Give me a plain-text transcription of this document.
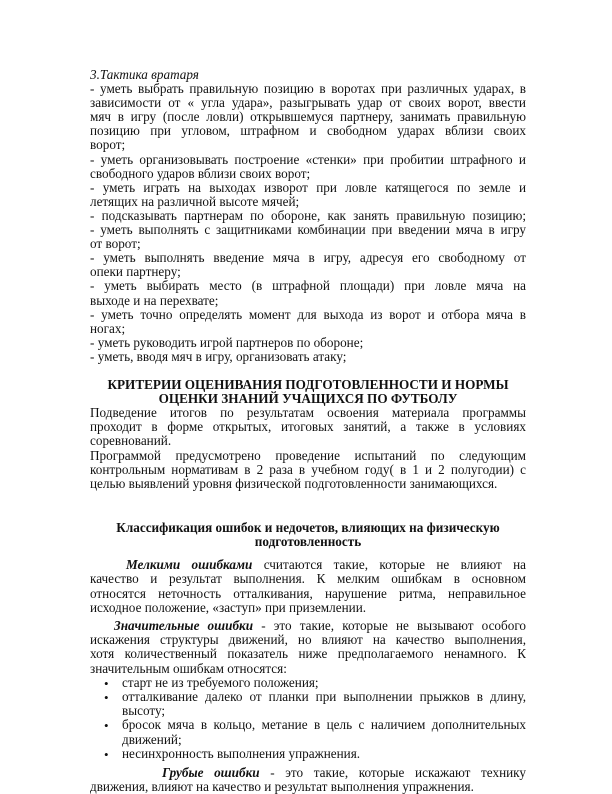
3.Тактика вратаря
- уметь выбрать правильную позицию в воротах при различных ударах, в
зависимости от « угла удара», разыгрывать удар от своих ворот, ввести
мяч в игру (после ловли) открывшемуся партнеру, занимать правильную
позицию при угловом, штрафном и свободном ударах вблизи своих
ворот;
- уметь организовывать построение «стенки» при пробитии штрафного и
свободного ударов вблизи своих ворот;
- уметь играть на выходах изворот при ловле катящегося по земле и
летящих на различной высоте мячей;
- подсказывать партнерам по обороне, как занять правильную позицию;
- уметь выполнять с защитниками комбинации при введении мяча в игру
от ворот;
- уметь выполнять введение мяча в игру, адресуя его свободному от
опеки партнеру;
- уметь выбирать место (в штрафной площади) при ловле мяча на
выходе и на перехвате;
- уметь точно определять момент для выхода из ворот и отбора мяча в
ногах;
- уметь руководить игрой партнеров по обороне;
- уметь, вводя мяч в игру, организовать атаку;
КРИТЕРИИ ОЦЕНИВАНИЯ ПОДГОТОВЛЕННОСТИ И НОРМЫ
ОЦЕНКИ ЗНАНИЙ УЧАЩИХСЯ ПО ФУТБОЛУ
Подведение итогов по результатам освоения материала программы
проходит в форме открытых, итоговых занятий, а также в условиях
соревнований.
Программой предусмотрено проведение испытаний по следующим
контрольным нормативам в 2 раза в учебном году( в 1 и 2 полугодии) с
целью выявлений уровня физической подготовленности занимающихся.
Классификация ошибок и недочетов, влияющих на физическую
подготовленность
Мелкими ошибками считаются такие, которые не влияют на
качество и результат выполнения. К мелким ошибкам в основном
относятся неточность отталкивания, нарушение ритма, неправильное
исходное положение, «заступ» при приземлении.
Значительные ошибки - это такие, которые не вызывают особого
искажения структуры движений, но влияют на качество выполнения,
хотя количественный показатель ниже предполагаемого ненамного. К
значительным ошибкам относятся:
• старт не из требуемого положения;
• отталкивание далеко от планки при выполнении прыжков в длину,
высоту;
• бросок мяча в кольцо, метание в цель с наличием дополнительных
движений;
• несинхронность выполнения упражнения.
Грубые ошибки - это такие, которые искажают технику
движения, влияют на качество и результат выполнения упражнения.
